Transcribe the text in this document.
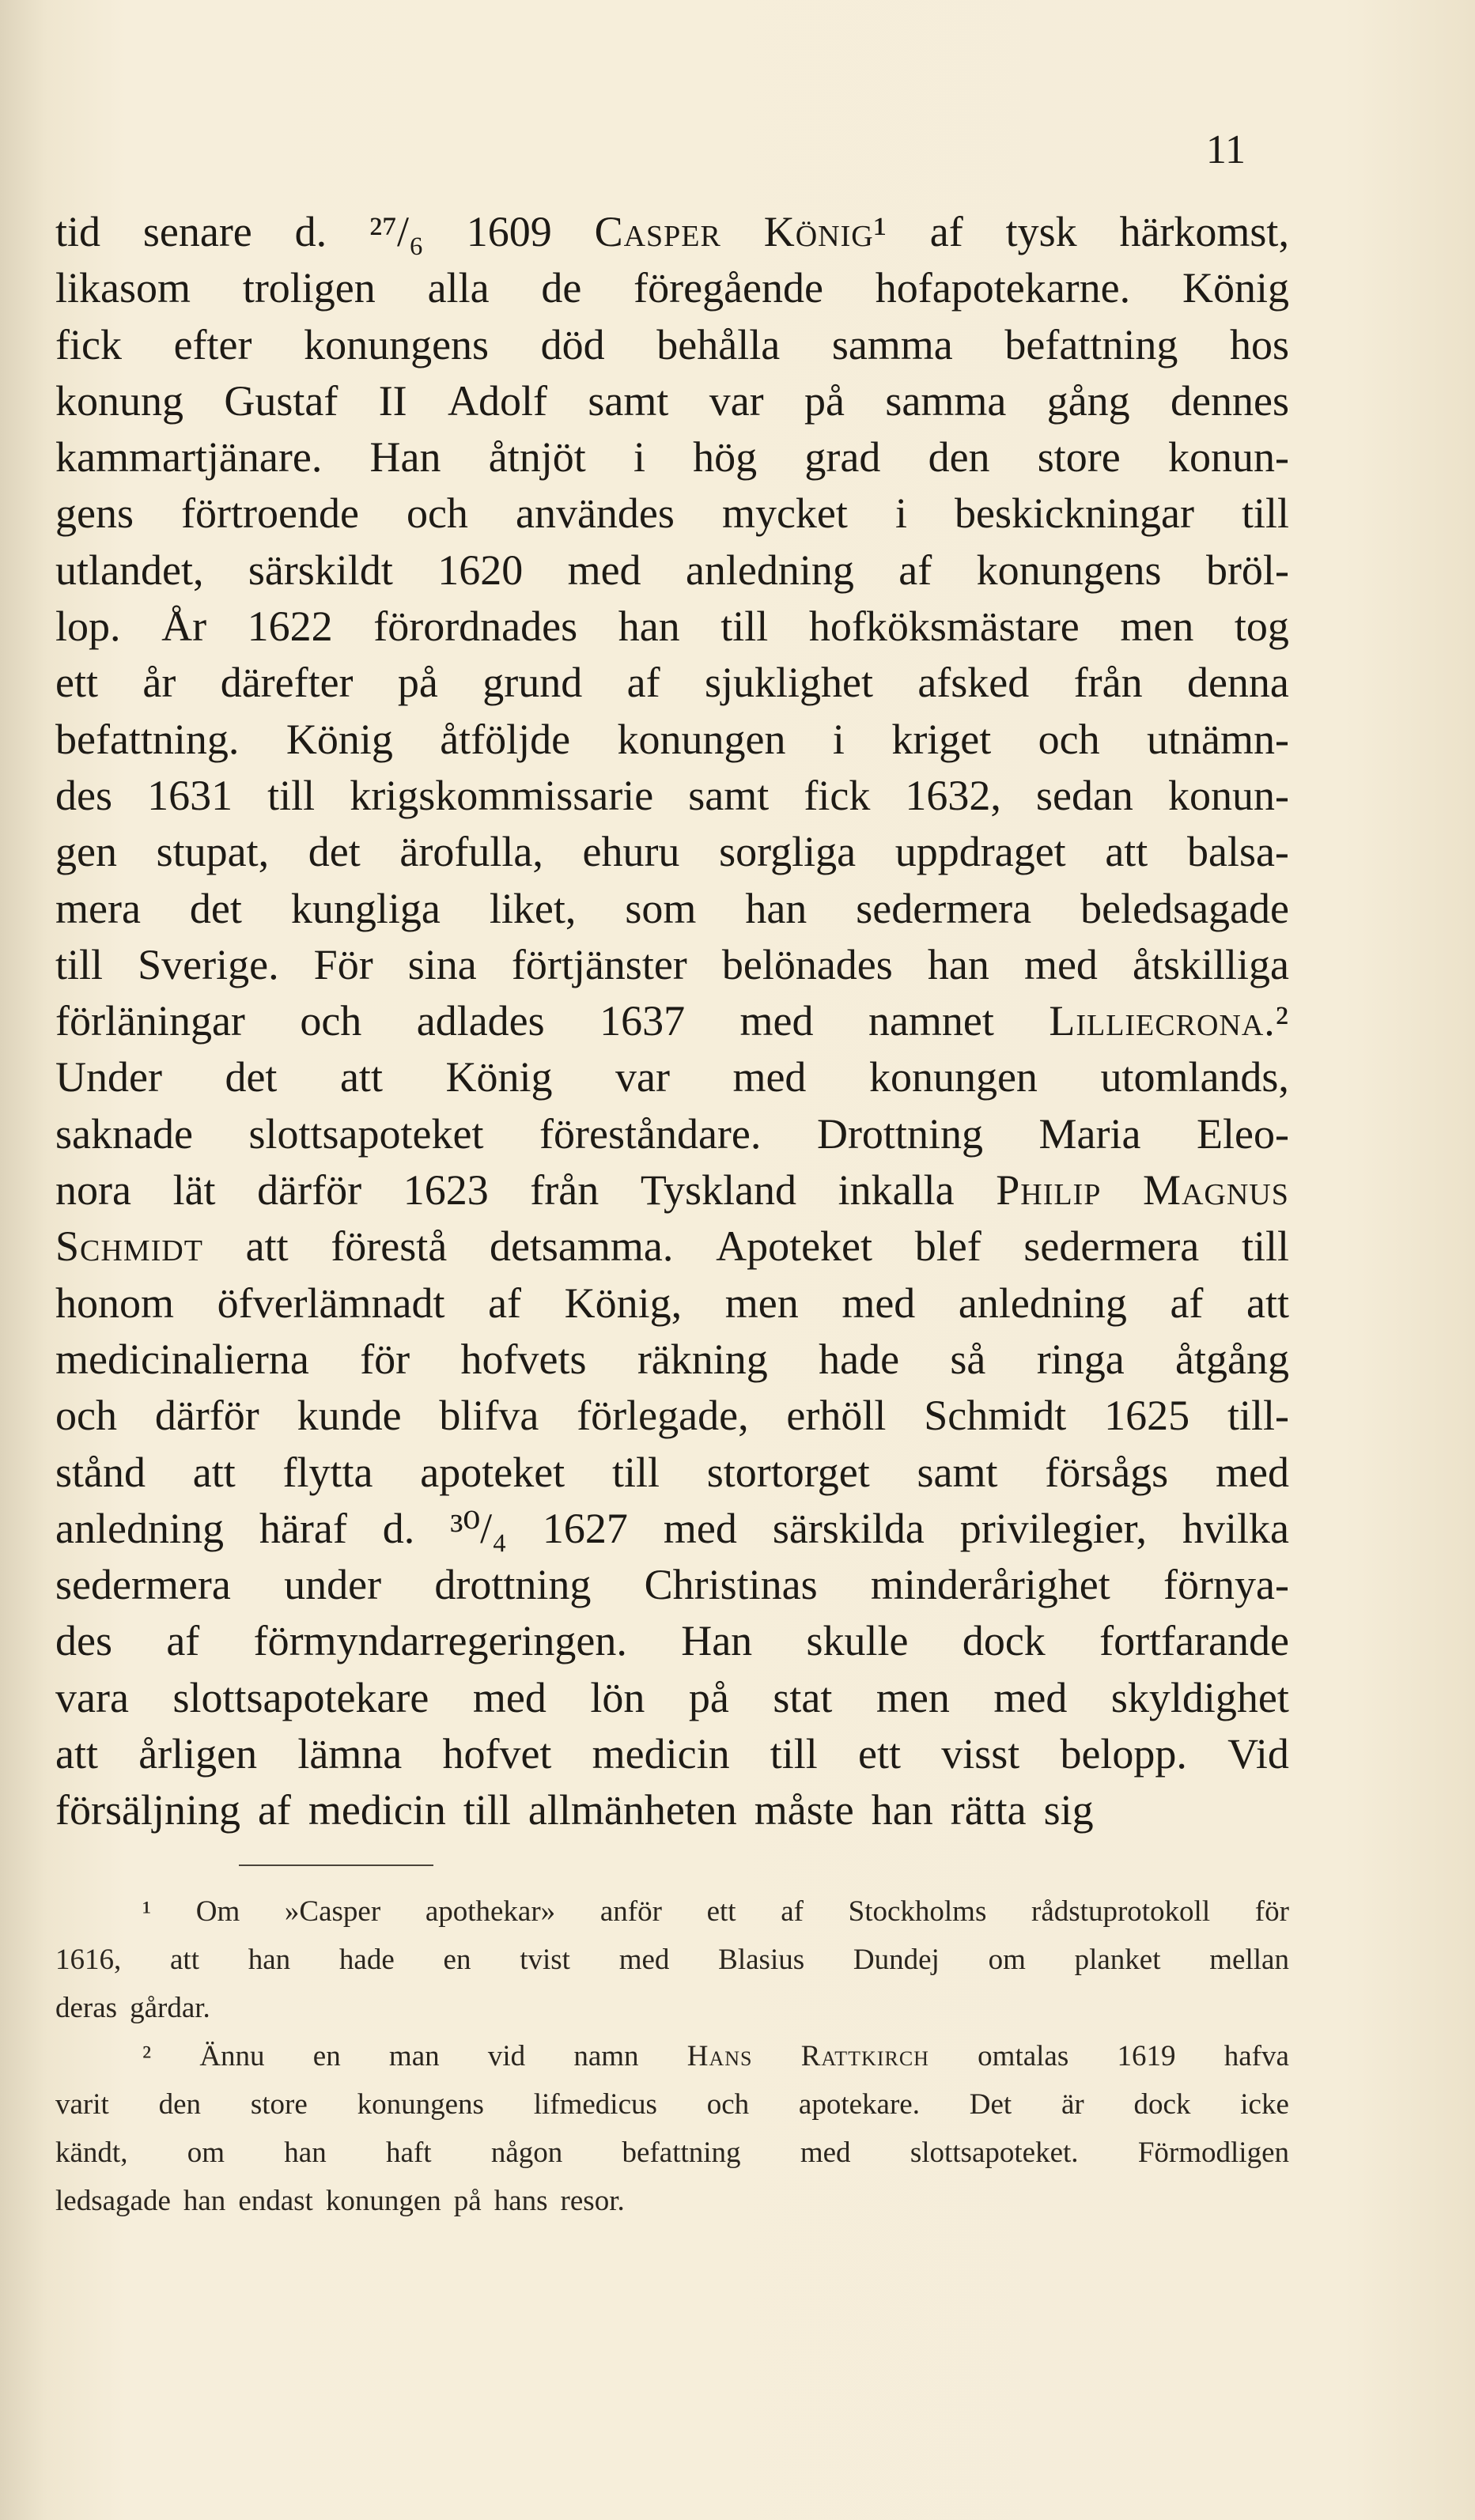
11
tid senare d. ²⁷/₆ 1609 Casper König¹ af tysk härkomst,
likasom troligen alla de föregående hofapotekarne. König
fick efter konungens död behålla samma befattning hos
konung Gustaf II Adolf samt var på samma gång dennes
kammartjänare. Han åtnjöt i hög grad den store konun-
gens förtroende och användes mycket i beskickningar till
utlandet, särskildt 1620 med anledning af konungens bröl-
lop. År 1622 förordnades han till hofköksmästare men tog
ett år därefter på grund af sjuklighet afsked från denna
befattning. König åtföljde konungen i kriget och utnämn-
des 1631 till krigskommissarie samt fick 1632, sedan konun-
gen stupat, det ärofulla, ehuru sorgliga uppdraget att balsa-
mera det kungliga liket, som han sedermera beledsagade
till Sverige. För sina förtjänster belönades han med åtskilliga
förläningar och adlades 1637 med namnet Lilliecrona.²
Under det att König var med konungen utomlands,
saknade slottsapoteket föreståndare. Drottning Maria Eleo-
nora lät därför 1623 från Tyskland inkalla Philip Magnus
Schmidt att förestå detsamma. Apoteket blef sedermera till
honom öfverlämnadt af König, men med anledning af att
medicinalierna för hofvets räkning hade så ringa åtgång
och därför kunde blifva förlegade, erhöll Schmidt 1625 till-
stånd att flytta apoteket till stortorget samt försågs med
anledning häraf d. ³⁰/₄ 1627 med särskilda privilegier, hvilka
sedermera under drottning Christinas minderårighet förnya-
des af förmyndarregeringen. Han skulle dock fortfarande
vara slottsapotekare med lön på stat men med skyldighet
att årligen lämna hofvet medicin till ett visst belopp. Vid
försäljning af medicin till allmänheten måste han rätta sig
¹ Om »Casper apothekar» anför ett af Stockholms rådstuprotokoll för
1616, att han hade en tvist med Blasius Dundej om planket mellan
deras gårdar.
² Ännu en man vid namn Hans Rattkirch omtalas 1619 hafva
varit den store konungens lifmedicus och apotekare. Det är dock icke
kändt, om han haft någon befattning med slottsapoteket. Förmodligen
ledsagade han endast konungen på hans resor.
